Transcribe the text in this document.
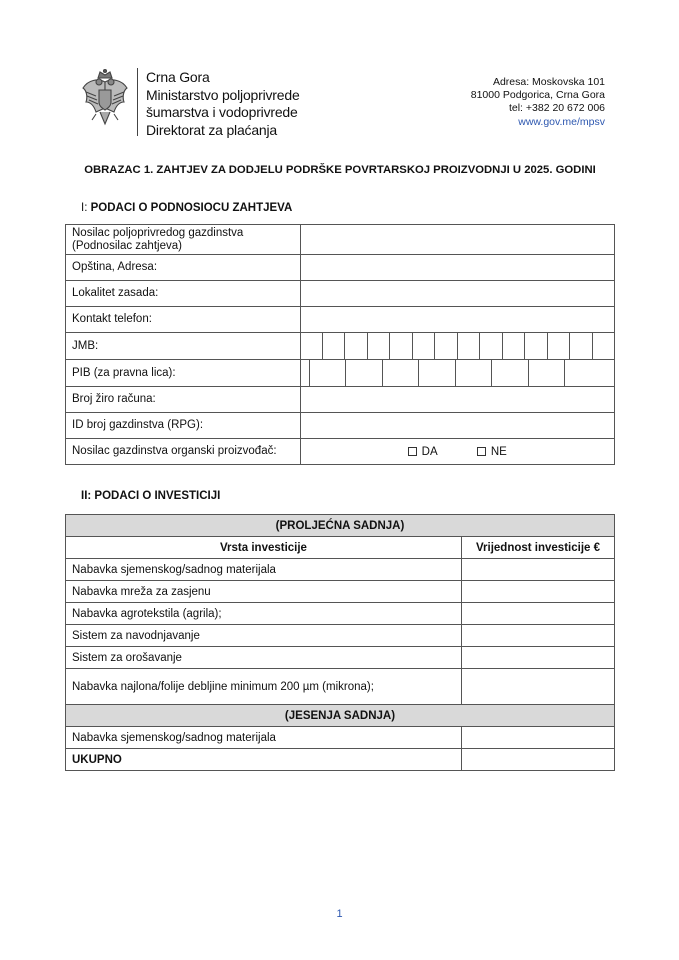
Crna Gora
Ministarstvo poljoprivrede
šumarstva i vodoprivrede
Direktorat za plaćanja
Adresa: Moskovska 101
81000 Podgorica, Crna Gora
tel: +382 20 672 006
www.gov.me/mpsv
OBRAZAC 1. ZAHTJEV ZA DODJELU PODRŠKE POVRTARSKOJ PROIZVODNJI U 2025. GODINI
I: PODACI O PODNOSIOCU ZAHTJEVA
Nosilac poljoprivredog gazdinstva (Podnosilac zahtjeva)	
Opština, Adresa:	
Lokalitet zasada:	
Kontakt telefon:	
JMB:	

PIB (za pravna lica):	

Broj žiro računa:	
ID broj gazdinstva (RPG):	
Nosilac gazdinstva organski proizvođač:	DA NE
II: PODACI O INVESTICIJI
(PROLJEĆNA SADNJA)	
Vrsta investicije	Vrijednost investicije €
Nabavka sjemenskog/sadnog materijala	
Nabavka mreža za zasjenu	
Nabavka agrotekstila (agrila);	
Sistem za navodnjavanje	
Sistem za orošavanje	
Nabavka najlona/folije debljine minimum 200 µm (mikrona);	
(JESENJA SADNJA)	
Nabavka sjemenskog/sadnog materijala	
UKUPNO	
1
